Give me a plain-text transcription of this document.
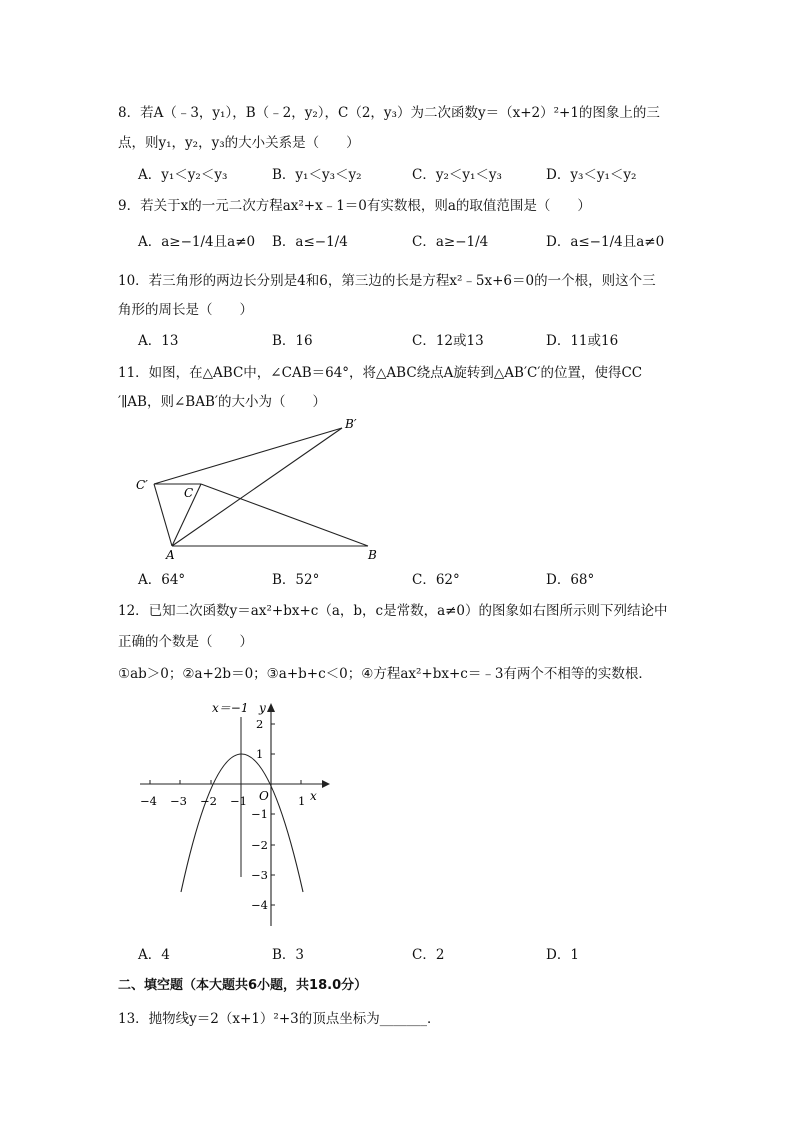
8．若A（﹣3，y₁），B（﹣2，y₂），C（2，y₃）为二次函数y＝（x+2）²+1的图象上的三
点，则y₁，y₂，y₃的大小关系是（　　）
A．y₁＜y₂＜y₃	B．y₁＜y₃＜y₂	C．y₂＜y₁＜y₃	D．y₃＜y₁＜y₂
9．若关于x的一元二次方程ax²+x﹣1＝0有实数根，则a的取值范围是（　　）
A．a≥−1/4且a≠0 B．a≤−1/4	C．a≥−1/4	D．a≤−1/4且a≠0
10．若三角形的两边长分别是4和6，第三边的长是方程x²﹣5x+6＝0的一个根，则这个三
角形的周长是（　　）
A．13	B．16	C．12或13	D．11或16
11．如图，在△ABC中，∠CAB＝64°，将△ABC绕点A旋转到△AB′C′的位置，使得CC
′∥AB，则∠BAB′的大小为（　　）
B′
C′
C
A	B
A．64°	B．52°	C．62°	D．68°
12．已知二次函数y＝ax²+bx+c（a，b，c是常数，a≠0）的图象如右图所示则下列结论中
正确的个数是（　　）
①ab＞0；②a+2b＝0；③a+b+c＜0；④方程ax²+bx+c＝﹣3有两个不相等的实数根．
x＝−1 y
x
O
−4 −3 −2 −1	1
2
1
−1
−2
−3
−4
A．4	B．3	C．2	D．1
二、填空题（本大题共6小题，共18.0分）
13．抛物线y＝2（x+1）²+3的顶点坐标为_______．
